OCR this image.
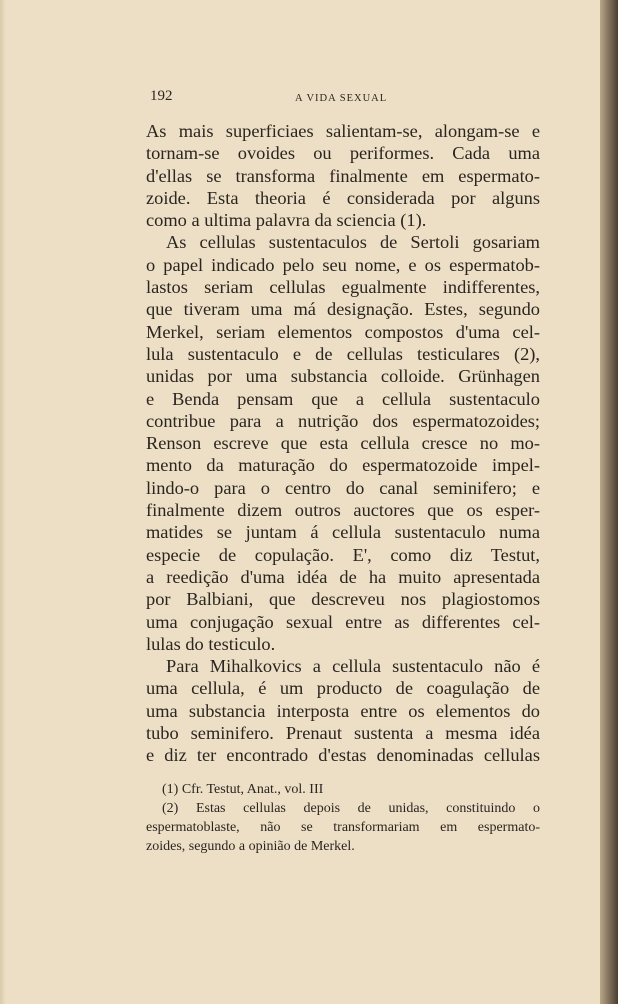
192	A VIDA SEXUAL
As mais superficiaes salientam-se, alongam-se e
tornam-se ovoides ou periformes. Cada uma
d'ellas se transforma finalmente em espermato-
zoide. Esta theoria é considerada por alguns
como a ultima palavra da sciencia (1).
As cellulas sustentaculos de Sertoli gosariam
o papel indicado pelo seu nome, e os espermatob-
lastos seriam cellulas egualmente indifferentes,
que tiveram uma má designação. Estes, segundo
Merkel, seriam elementos compostos d'uma cel-
lula sustentaculo e de cellulas testiculares (2),
unidas por uma substancia colloide. Grünhagen
e Benda pensam que a cellula sustentaculo
contribue para a nutrição dos espermatozoides;
Renson escreve que esta cellula cresce no mo-
mento da maturação do espermatozoide impel-
lindo-o para o centro do canal seminifero; e
finalmente dizem outros auctores que os esper-
matides se juntam á cellula sustentaculo numa
especie de copulação. E', como diz Testut,
a reedição d'uma idéa de ha muito apresentada
por Balbiani, que descreveu nos plagiostomos
uma conjugação sexual entre as differentes cel-
lulas do testiculo.
Para Mihalkovics a cellula sustentaculo não é
uma cellula, é um producto de coagulação de
uma substancia interposta entre os elementos do
tubo seminifero. Prenaut sustenta a mesma idéa
e diz ter encontrado d'estas denominadas cellulas
(1) Cfr. Testut, Anat., vol. III
(2) Estas cellulas depois de unidas, constituindo o
espermatoblaste, não se transformariam em espermato-
zoides, segundo a opinião de Merkel.
